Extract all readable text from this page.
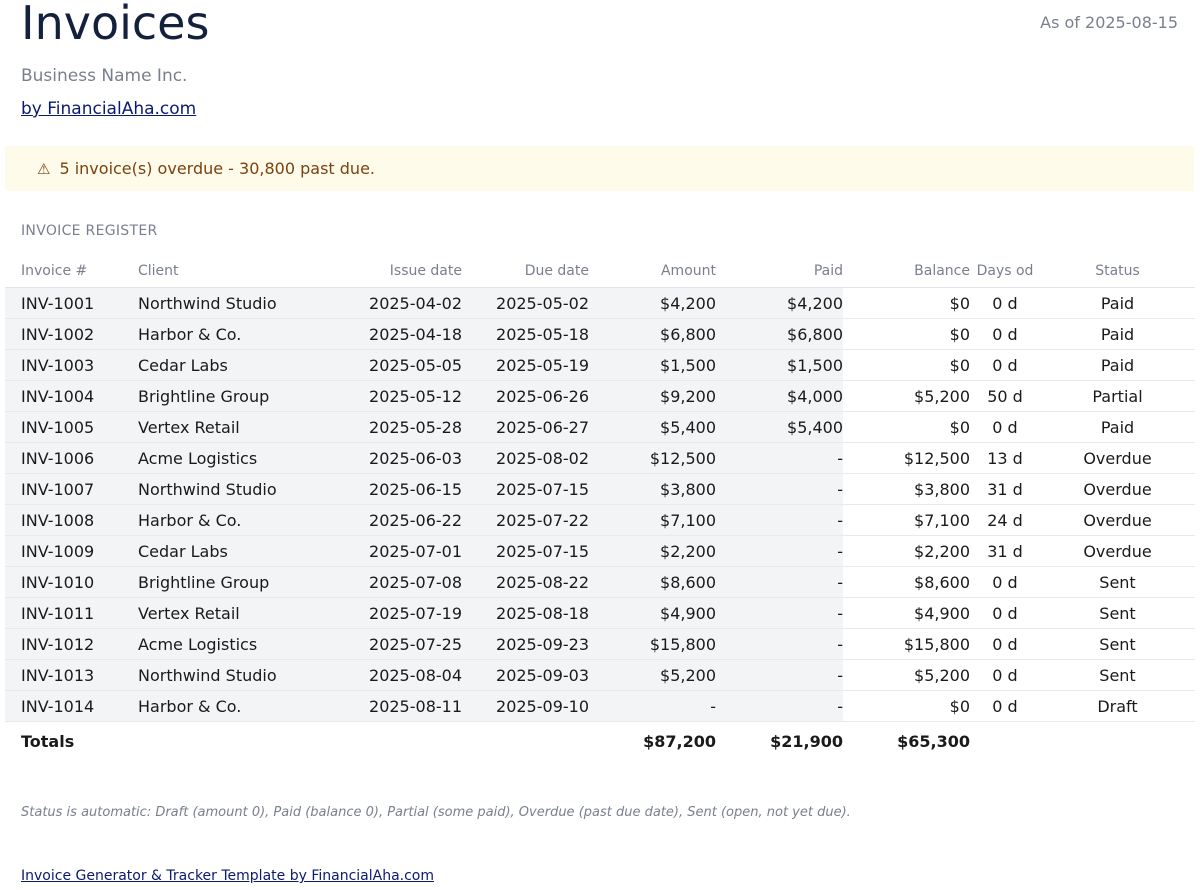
Invoices	As of 2025-08-15
Business Name Inc.
by FinancialAha.com
⚠ 5 invoice(s) overdue - 30,800 past due.
INVOICE REGISTER
Invoice #	Client	Issue date	Due date	Amount	Paid	Balance	Days od	Status
INV-1001	Northwind Studio	2025-04-02	2025-05-02	$4,200	$4,200	$0	0 d	Paid
INV-1002	Harbor & Co.	2025-04-18	2025-05-18	$6,800	$6,800	$0	0 d	Paid
INV-1003	Cedar Labs	2025-05-05	2025-05-19	$1,500	$1,500	$0	0 d	Paid
INV-1004	Brightline Group	2025-05-12	2025-06-26	$9,200	$4,000	$5,200	50 d	Partial
INV-1005	Vertex Retail	2025-05-28	2025-06-27	$5,400	$5,400	$0	0 d	Paid
INV-1006	Acme Logistics	2025-06-03	2025-08-02	$12,500	-	$12,500	13 d	Overdue
INV-1007	Northwind Studio	2025-06-15	2025-07-15	$3,800	-	$3,800	31 d	Overdue
INV-1008	Harbor & Co.	2025-06-22	2025-07-22	$7,100	-	$7,100	24 d	Overdue
INV-1009	Cedar Labs	2025-07-01	2025-07-15	$2,200	-	$2,200	31 d	Overdue
INV-1010	Brightline Group	2025-07-08	2025-08-22	$8,600	-	$8,600	0 d	Sent
INV-1011	Vertex Retail	2025-07-19	2025-08-18	$4,900	-	$4,900	0 d	Sent
INV-1012	Acme Logistics	2025-07-25	2025-09-23	$15,800	-	$15,800	0 d	Sent
INV-1013	Northwind Studio	2025-08-04	2025-09-03	$5,200	-	$5,200	0 d	Sent
INV-1014	Harbor & Co.	2025-08-11	2025-09-10	-	-	$0	0 d	Draft
Totals				$87,200	$21,900	$65,300		
Status is automatic: Draft (amount 0), Paid (balance 0), Partial (some paid), Overdue (past due date), Sent (open, not yet due).
Invoice Generator & Tracker Template by FinancialAha.com
